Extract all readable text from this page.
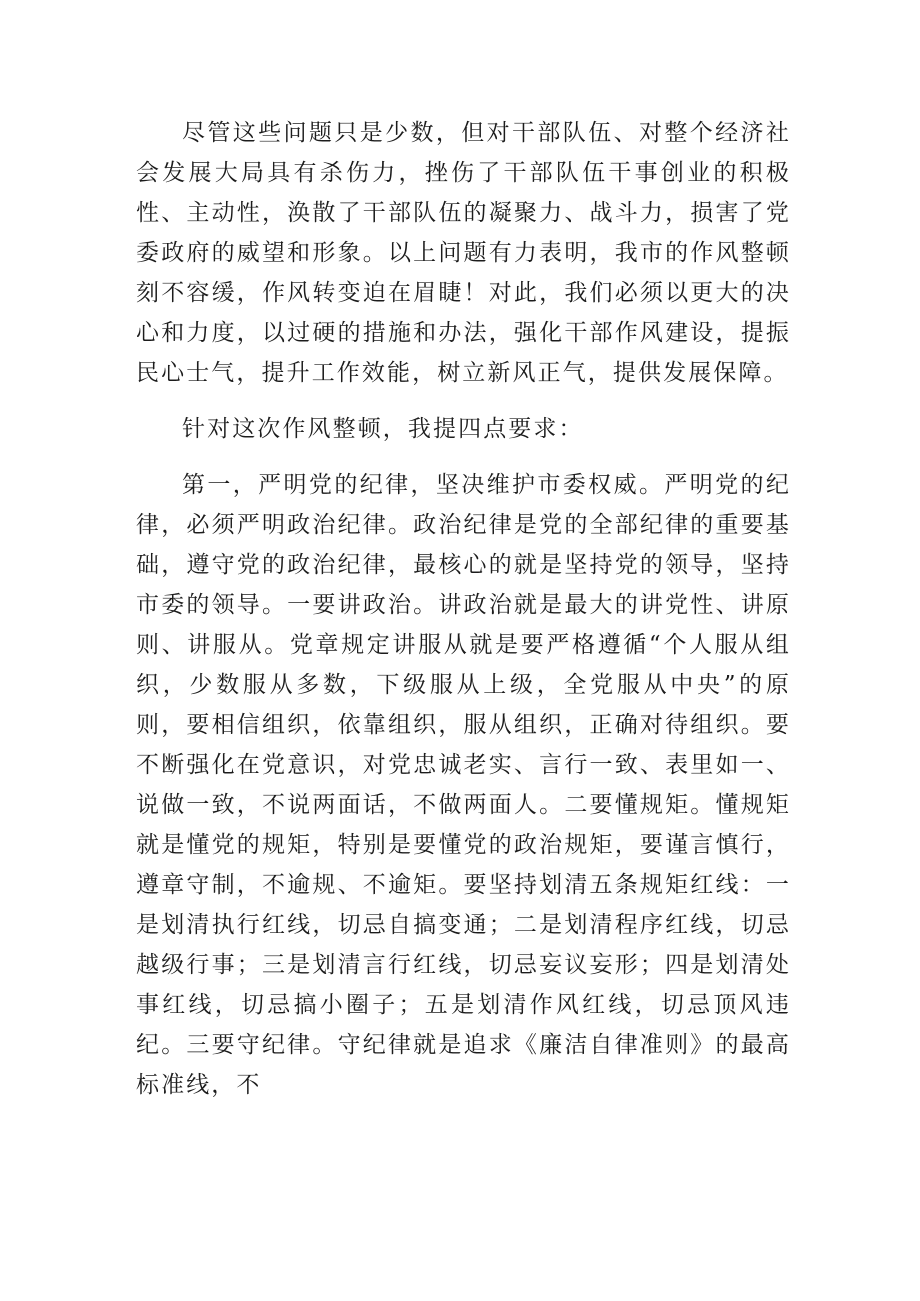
尽管这些问题只是少数，但对干部队伍、对整个经济社会发展大局具有杀伤力，挫伤了干部队伍干事创业的积极性、主动性，涣散了干部队伍的凝聚力、战斗力，损害了党委政府的威望和形象。以上问题有力表明，我市的作风整顿刻不容缓，作风转变迫在眉睫！对此，我们必须以更大的决心和力度，以过硬的措施和办法，强化干部作风建设，提振民心士气，提升工作效能，树立新风正气，提供发展保障。

针对这次作风整顿，我提四点要求：

第一，严明党的纪律，坚决维护市委权威。严明党的纪律，必须严明政治纪律。政治纪律是党的全部纪律的重要基础，遵守党的政治纪律，最核心的就是坚持党的领导，坚持市委的领导。一要讲政治。讲政治就是最大的讲党性、讲原则、讲服从。党章规定讲服从就是要严格遵循“个人服从组织，少数服从多数，下级服从上级，全党服从中央”的原则，要相信组织，依靠组织，服从组织，正确对待组织。要不断强化在党意识，对党忠诚老实、言行一致、表里如一、说做一致，不说两面话，不做两面人。二要懂规矩。懂规矩就是懂党的规矩，特别是要懂党的政治规矩，要谨言慎行，遵章守制，不逾规、不逾矩。要坚持划清五条规矩红线：一是划清执行红线，切忌自搞变通；二是划清程序红线，切忌越级行事；三是划清言行红线，切忌妄议妄形；四是划清处事红线，切忌搞小圈子；五是划清作风红线，切忌顶风违纪。三要守纪律。守纪律就是追求《廉洁自律准则》的最高标准线，不
